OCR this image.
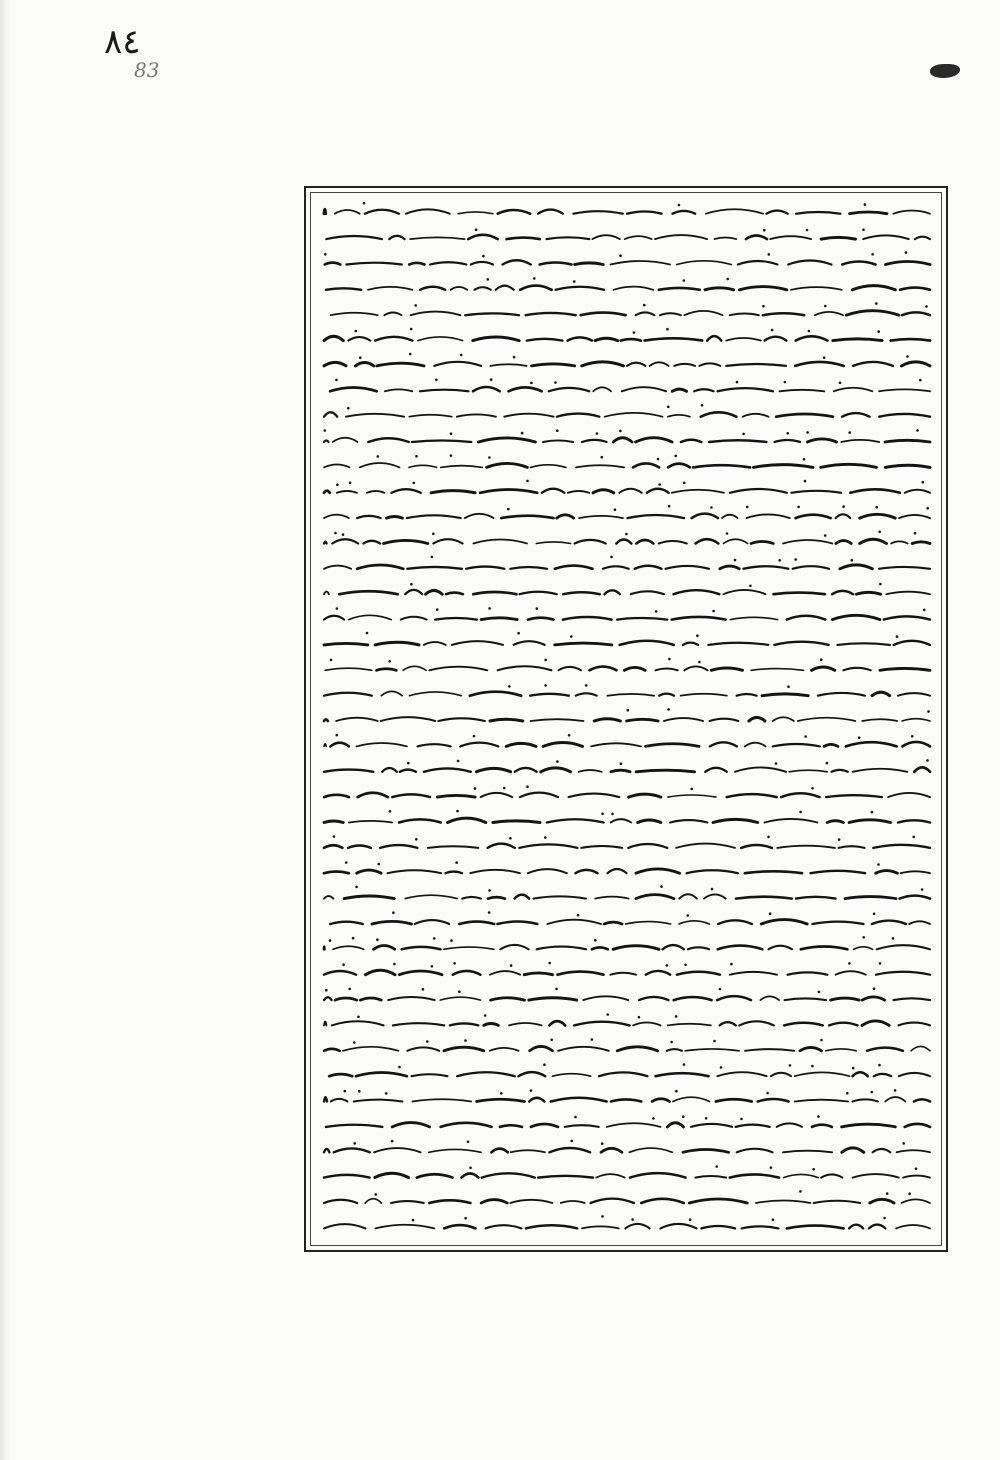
٨٤
83
